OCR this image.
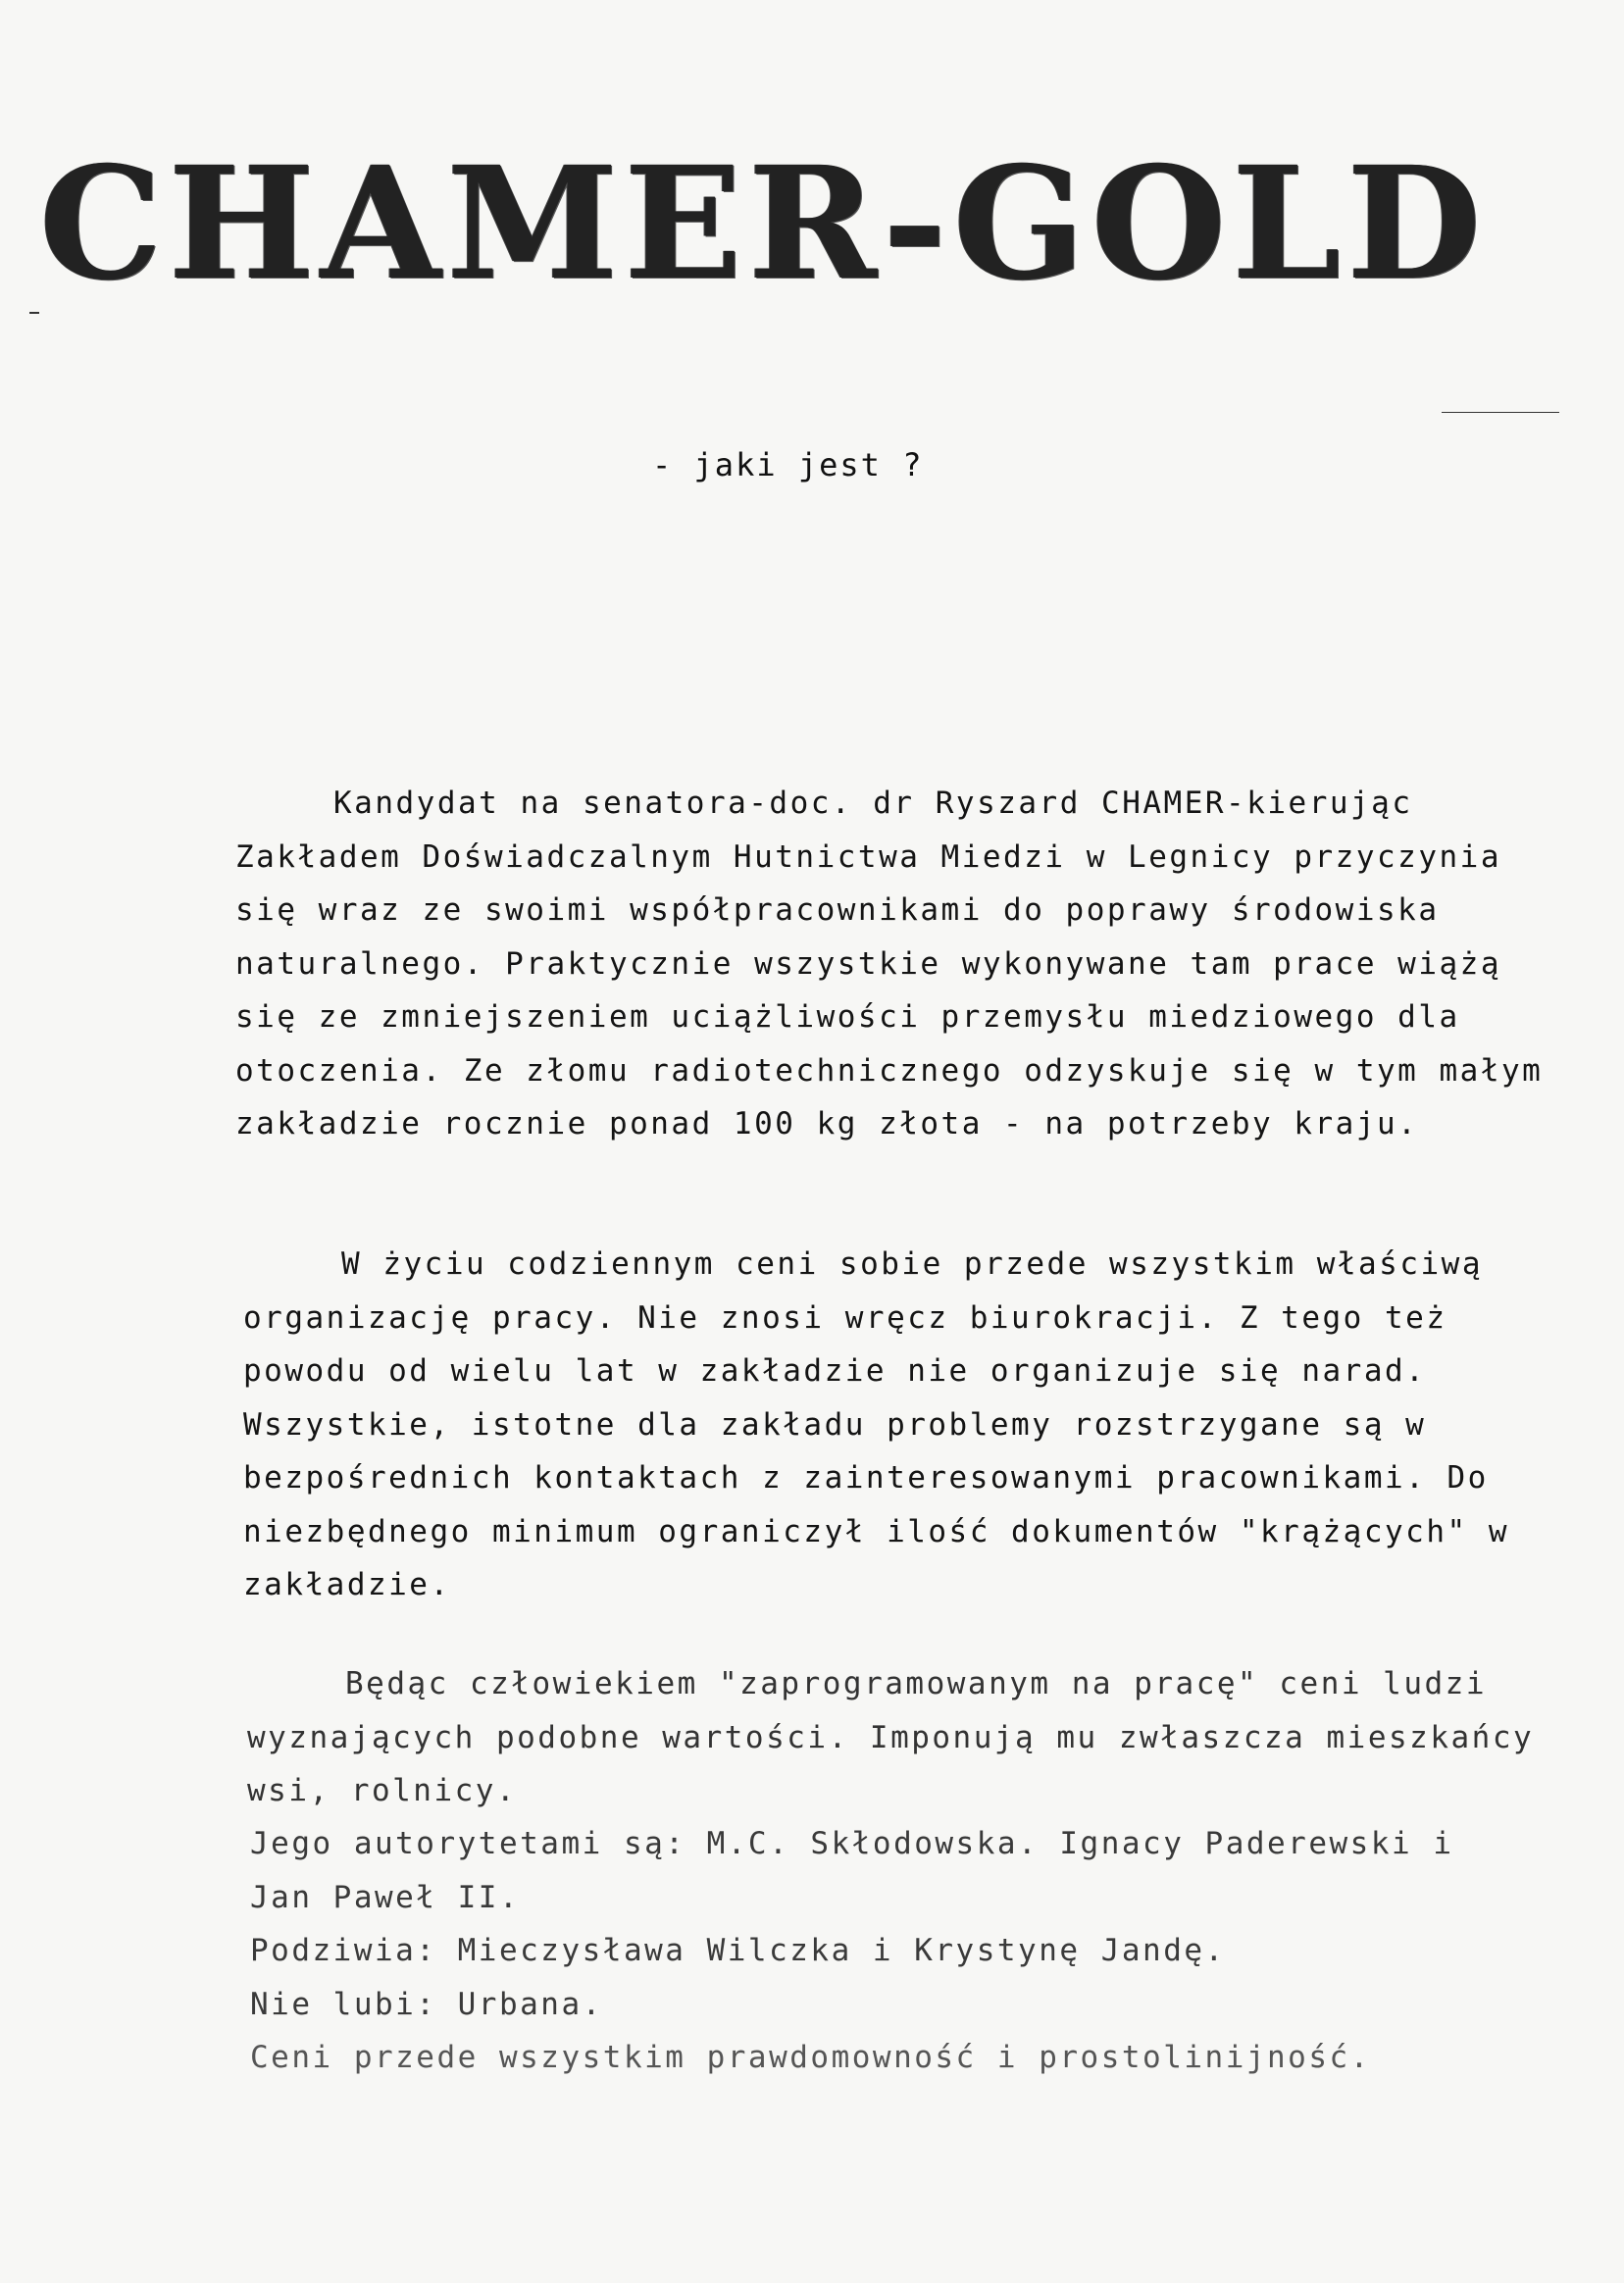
CHAMER-GOLD
- jaki jest ?

Kandydat na senatora-doc. dr Ryszard CHAMER-kierując Zakładem Doświadczalnym Hutnictwa Miedzi w Legnicy przyczynia się wraz ze swoimi współpracownikami do poprawy środowiska naturalnego. Praktycznie wszystkie wykonywane tam prace wiążą się ze zmniejszeniem uciążliwości przemysłu miedziowego dla otoczenia. Ze złomu radiotechnicznego odzyskuje się w tym małym zakładzie rocznie ponad 100 kg złota - na potrzeby kraju.

W życiu codziennym ceni sobie przede wszystkim właściwą organizację pracy. Nie znosi wręcz biurokracji. Z tego też powodu od wielu lat w zakładzie nie organizuje się narad. Wszystkie, istotne dla zakładu problemy rozstrzygane są w bezpośrednich kontaktach z zainteresowanymi pracownikami. Do niezbędnego minimum ograniczył ilość dokumentów "krążących" w zakładzie.

Będąc człowiekiem "zaprogramowanym na pracę" ceni ludzi wyznających podobne wartości. Imponują mu zwłaszcza mieszkańcy wsi, rolnicy.

Jego autorytetami są: M.C. Skłodowska. Ignacy Paderewski i
Jan Paweł II.
Podziwia: Mieczysława Wilczka i Krystynę Jandę.
Nie lubi: Urbana.
Ceni przede wszystkim prawdomowność i prostolinijność.
